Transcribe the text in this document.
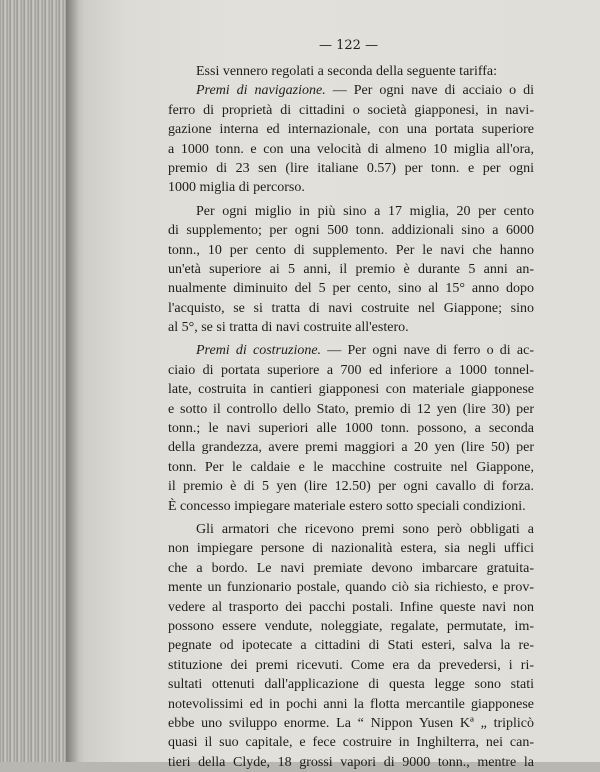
— 122 —
Essi vennero regolati a seconda della seguente tariffa:
Premi di navigazione. — Per ogni nave di acciaio o di
ferro di proprietà di cittadini o società giapponesi, in navi-
gazione interna ed internazionale, con una portata superiore
a 1000 tonn. e con una velocità di almeno 10 miglia all'ora,
premio di 23 sen (lire italiane 0.57) per tonn. e per ogni
1000 miglia di percorso.
Per ogni miglio in più sino a 17 miglia, 20 per cento
di supplemento; per ogni 500 tonn. addizionali sino a 6000
tonn., 10 per cento di supplemento. Per le navi che hanno
un'età superiore ai 5 anni, il premio è durante 5 anni an-
nualmente diminuito del 5 per cento, sino al 15° anno dopo
l'acquisto, se si tratta di navi costruite nel Giappone; sino
al 5°, se si tratta di navi costruite all'estero.
Premi di costruzione. — Per ogni nave di ferro o di ac-
ciaio di portata superiore a 700 ed inferiore a 1000 tonnel-
late, costruita in cantieri giapponesi con materiale giapponese
e sotto il controllo dello Stato, premio di 12 yen (lire 30) per
tonn.; le navi superiori alle 1000 tonn. possono, a seconda
della grandezza, avere premi maggiori a 20 yen (lire 50) per
tonn. Per le caldaie e le macchine costruite nel Giappone,
il premio è di 5 yen (lire 12.50) per ogni cavallo di forza.
È concesso impiegare materiale estero sotto speciali condizioni.
Gli armatori che ricevono premi sono però obbligati a
non impiegare persone di nazionalità estera, sia negli uffici
che a bordo. Le navi premiate devono imbarcare gratuita-
mente un funzionario postale, quando ciò sia richiesto, e prov-
vedere al trasporto dei pacchi postali. Infine queste navi non
possono essere vendute, noleggiate, regalate, permutate, im-
pegnate od ipotecate a cittadini di Stati esteri, salva la re-
stituzione dei premi ricevuti. Come era da prevedersi, i ri-
sultati ottenuti dall'applicazione di questa legge sono stati
notevolissimi ed in pochi anni la flotta mercantile giapponese
ebbe uno sviluppo enorme. La “ Nippon Yusen Kª „ triplicò
quasi il suo capitale, e fece costruire in Inghilterra, nei can-
tieri della Clyde, 18 grossi vapori di 9000 tonn., mentre la
